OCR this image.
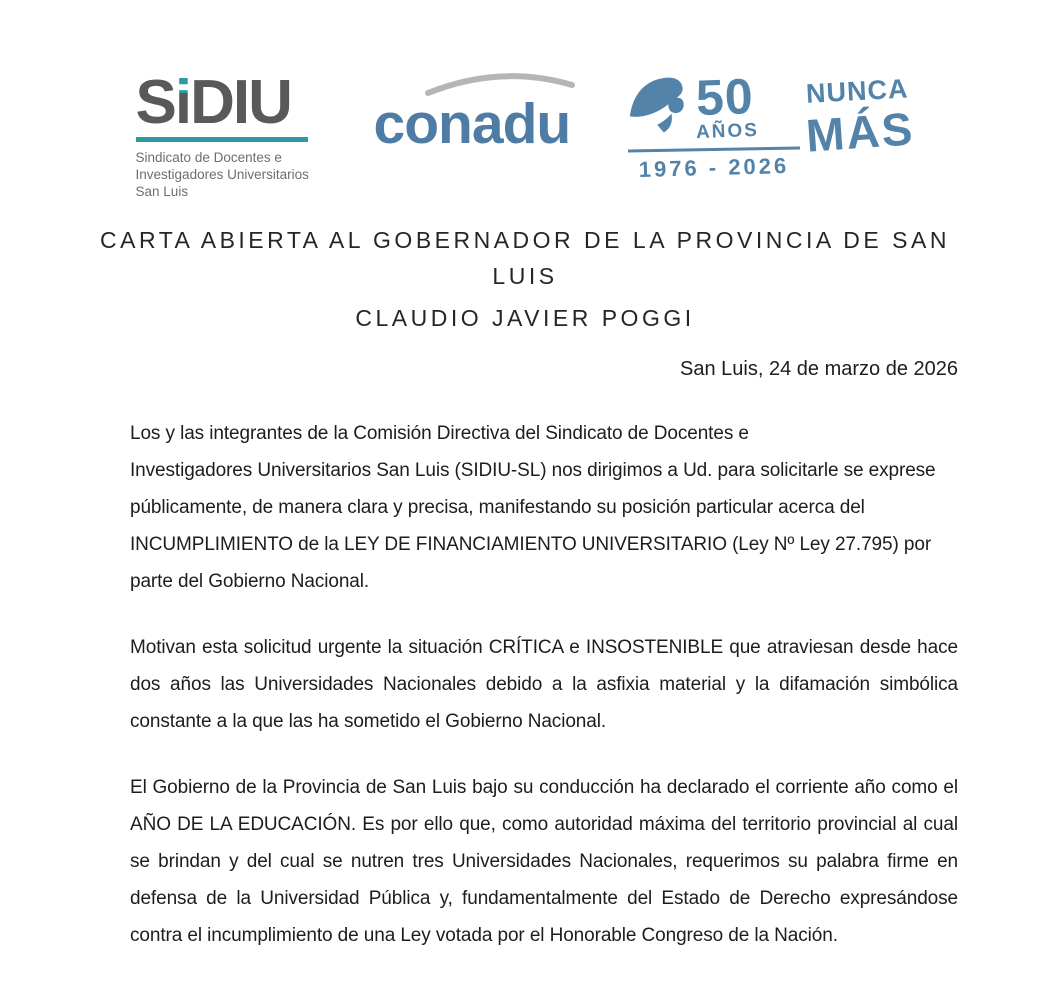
SiDIU
Sindicato de Docentes e
Investigadores Universitarios
San Luis
conadu	50
AÑOS
1976 - 2026
NUNCA
MÁS
CARTA ABIERTA AL GOBERNADOR DE LA PROVINCIA DE SAN LUIS
CLAUDIO JAVIER POGGI
San Luis, 24 de marzo de 2026

Los y las integrantes de la Comisión Directiva del Sindicato de Docentes e
Investigadores Universitarios San Luis (SIDIU-SL) nos dirigimos a Ud. para solicitarle se exprese públicamente, de manera clara y precisa, manifestando su posición particular acerca del INCUMPLIMIENTO de la LEY DE FINANCIAMIENTO UNIVERSITARIO (Ley Nº Ley 27.795) por parte del Gobierno Nacional.

Motivan esta solicitud urgente la situación CRÍTICA e INSOSTENIBLE que atraviesan desde hace dos años las Universidades Nacionales debido a la asfixia material y la difamación simbólica constante a la que las ha sometido el Gobierno Nacional.

El Gobierno de la Provincia de San Luis bajo su conducción ha declarado el corriente año como el AÑO DE LA EDUCACIÓN. Es por ello que, como autoridad máxima del territorio provincial al cual se brindan y del cual se nutren tres Universidades Nacionales, requerimos su palabra firme en defensa de la Universidad Pública y, fundamentalmente del Estado de Derecho expresándose contra el incumplimiento de una Ley votada por el Honorable Congreso de la Nación.
